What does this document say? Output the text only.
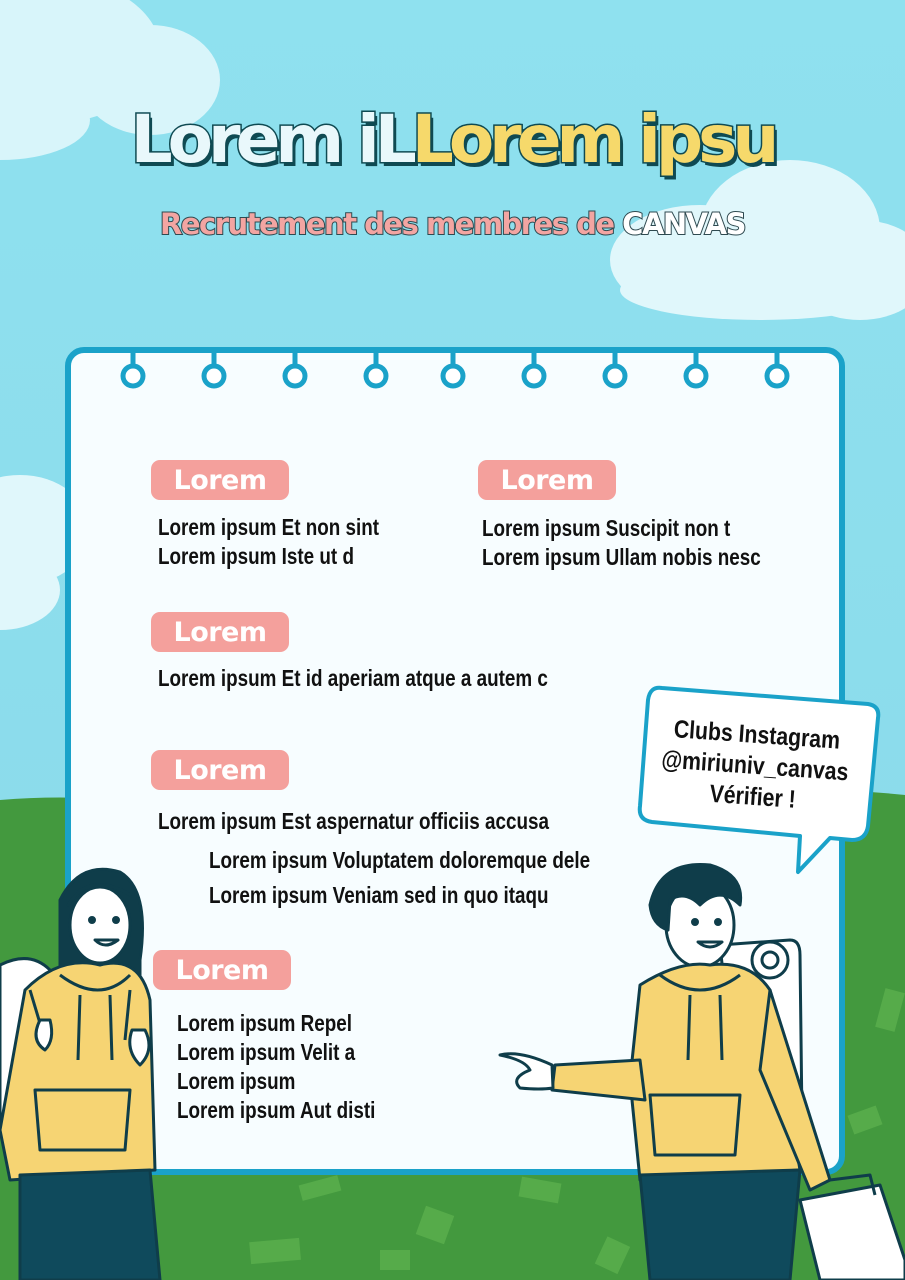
Lorem iLLorem ipsu
Recrutement des membres de CANVAS
Lorem
Lorem ipsum Et non sint
Lorem ipsum Iste ut d
Lorem
Lorem ipsum Suscipit non t
Lorem ipsum Ullam nobis nesc
Lorem
Lorem ipsum Et id aperiam atque a autem c
Lorem
Lorem ipsum Est aspernatur officiis accusa
Lorem ipsum Voluptatem doloremque dele
Lorem ipsum Veniam sed in quo itaqu
Lorem
Lorem ipsum Repel
Lorem ipsum Velit a
Lorem ipsum
Lorem ipsum Aut disti
Clubs Instagram
@miriuniv_canvas
Vérifier !
